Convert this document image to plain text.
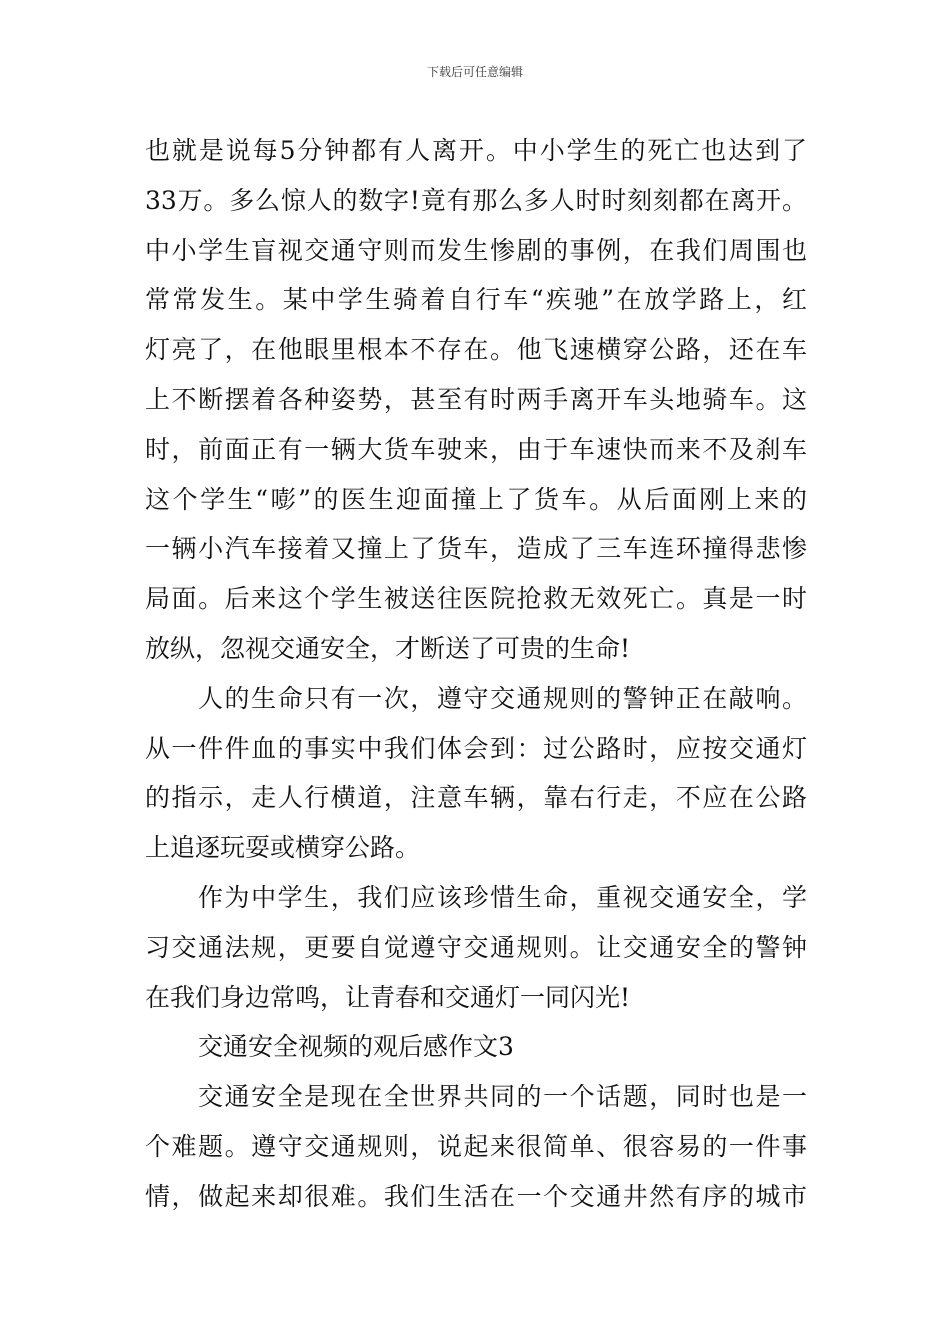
下载后可任意编辑
也就是说每5分钟都有人离开。中小学生的死亡也达到了
33万。多么惊人的数字!竟有那么多人时时刻刻都在离开。
中小学生盲视交通守则而发生惨剧的事例，在我们周围也
常常发生。某中学生骑着自行车“疾驰”在放学路上，红
灯亮了，在他眼里根本不存在。他飞速横穿公路，还在车
上不断摆着各种姿势，甚至有时两手离开车头地骑车。这
时，前面正有一辆大货车驶来，由于车速快而来不及刹车
这个学生“嘭”的医生迎面撞上了货车。从后面刚上来的
一辆小汽车接着又撞上了货车，造成了三车连环撞得悲惨
局面。后来这个学生被送往医院抢救无效死亡。真是一时
放纵，忽视交通安全，才断送了可贵的生命!
人的生命只有一次，遵守交通规则的警钟正在敲响。
从一件件血的事实中我们体会到：过公路时，应按交通灯
的指示，走人行横道，注意车辆，靠右行走，不应在公路
上追逐玩耍或横穿公路。
作为中学生，我们应该珍惜生命，重视交通安全，学
习交通法规，更要自觉遵守交通规则。让交通安全的警钟
在我们身边常鸣，让青春和交通灯一同闪光!
交通安全视频的观后感作文3
交通安全是现在全世界共同的一个话题，同时也是一
个难题。遵守交通规则，说起来很简单、很容易的一件事
情，做起来却很难。我们生活在一个交通井然有序的城市
